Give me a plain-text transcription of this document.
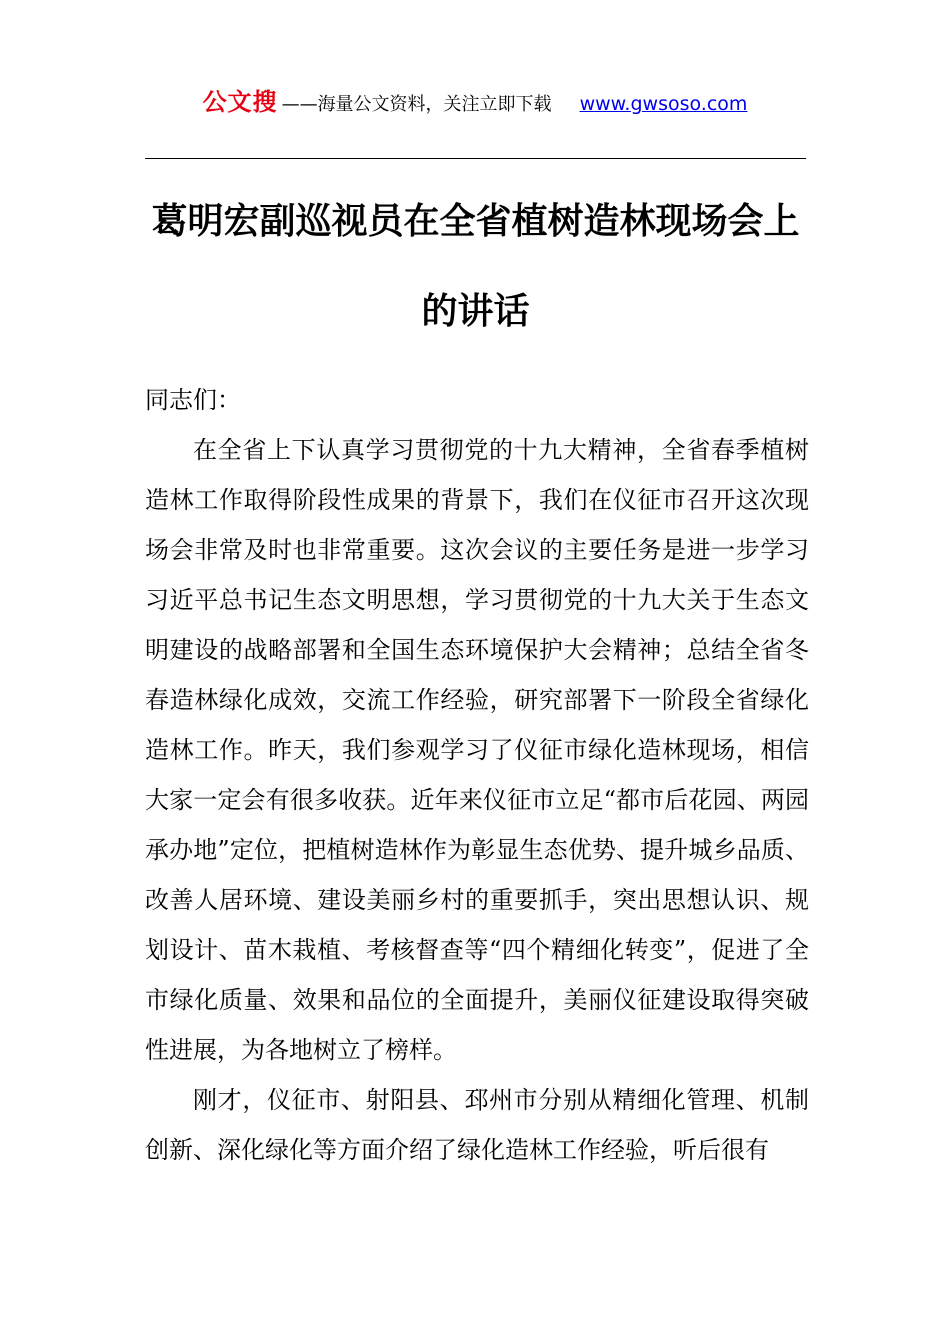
公文搜 ——海量公文资料，关注立即下载 www.gwsoso.com
葛明宏副巡视员在全省植树造林现场会上的讲话

同志们：

在全省上下认真学习贯彻党的十九大精神，全省春季植树造林工作取得阶段性成果的背景下，我们在仪征市召开这次现场会非常及时也非常重要。这次会议的主要任务是进一步学习习近平总书记生态文明思想，学习贯彻党的十九大关于生态文明建设的战略部署和全国生态环境保护大会精神；总结全省冬春造林绿化成效，交流工作经验，研究部署下一阶段全省绿化造林工作。昨天，我们参观学习了仪征市绿化造林现场，相信大家一定会有很多收获。近年来仪征市立足“都市后花园、两园承办地”定位，把植树造林作为彰显生态优势、提升城乡品质、改善人居环境、建设美丽乡村的重要抓手，突出思想认识、规划设计、苗木栽植、考核督查等“四个精细化转变”，促进了全市绿化质量、效果和品位的全面提升，美丽仪征建设取得突破性进展，为各地树立了榜样。

刚才，仪征市、射阳县、邳州市分别从精细化管理、机制创新、深化绿化等方面介绍了绿化造林工作经验，听后很有
